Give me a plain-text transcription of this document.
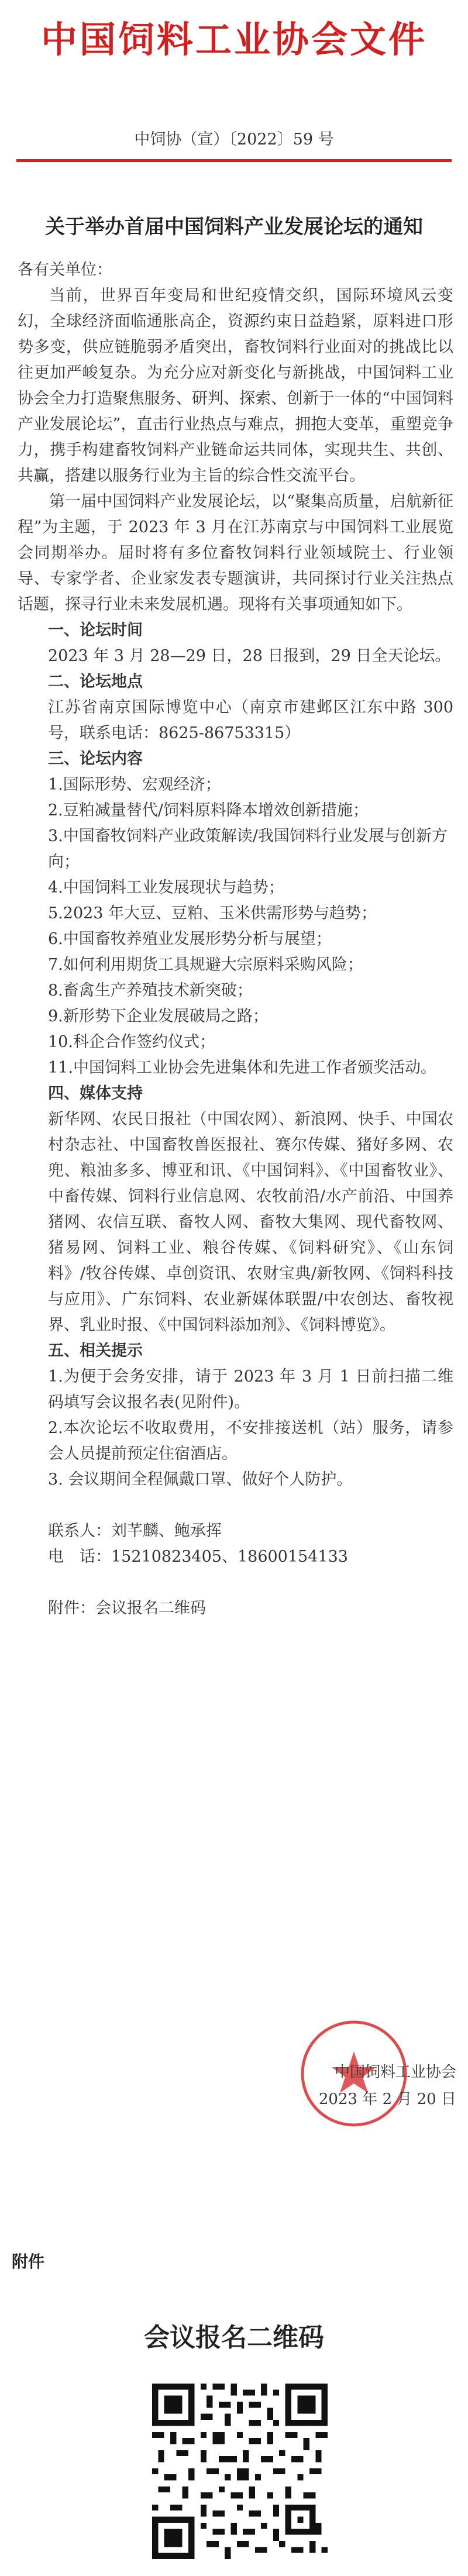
中国饲料工业协会文件
中饲协（宣）〔2022〕59 号
关于举办首届中国饲料产业发展论坛的通知

各有关单位：

当前，世界百年变局和世纪疫情交织，国际环境风云变幻，全球经济面临通胀高企，资源约束日益趋紧，原料进口形势多变，供应链脆弱矛盾突出，畜牧饲料行业面对的挑战比以往更加严峻复杂。为充分应对新变化与新挑战，中国饲料工业协会全力打造聚焦服务、研判、探索、创新于一体的“中国饲料产业发展论坛”，直击行业热点与难点，拥抱大变革，重塑竞争力，携手构建畜牧饲料产业链命运共同体，实现共生、共创、共赢，搭建以服务行业为主旨的综合性交流平台。

第一届中国饲料产业发展论坛，以“聚集高质量，启航新征程”为主题，于 2023 年 3 月在江苏南京与中国饲料工业展览会同期举办。届时将有多位畜牧饲料行业领域院士、行业领导、专家学者、企业家发表专题演讲，共同探讨行业关注热点话题，探寻行业未来发展机遇。现将有关事项通知如下。

一、论坛时间

2023 年 3 月 28—29 日，28 日报到，29 日全天论坛。

二、论坛地点

江苏省南京国际博览中心（南京市建邺区江东中路 300 号，联系电话：8625-86753315）

三、论坛内容

1.国际形势、宏观经济；

2.豆粕减量替代/饲料原料降本增效创新措施；

3.中国畜牧饲料产业政策解读/我国饲料行业发展与创新方向；

4.中国饲料工业发展现状与趋势；

5.2023 年大豆、豆粕、玉米供需形势与趋势；

6.中国畜牧养殖业发展形势分析与展望；

7.如何利用期货工具规避大宗原料采购风险；

8.畜禽生产养殖技术新突破；

9.新形势下企业发展破局之路；

10.科企合作签约仪式；

11.中国饲料工业协会先进集体和先进工作者颁奖活动。

四、媒体支持

新华网、农民日报社（中国农网）、新浪网、快手、中国农村杂志社、中国畜牧兽医报社、赛尔传媒、猪好多网、农兜、粮油多多、博亚和讯、《中国饲料》、《中国畜牧业》、中畜传媒、饲料行业信息网、农牧前沿/水产前沿、中国养猪网、农信互联、畜牧人网、畜牧大集网、现代畜牧网、猪易网、饲料工业、粮谷传媒、《饲料研究》、《山东饲料》/牧谷传媒、卓创资讯、农财宝典/新牧网、《饲料科技与应用》、广东饲料、农业新媒体联盟/中农创达、畜牧视界、乳业时报、《中国饲料添加剂》、《饲料博览》。

五、相关提示

1.为便于会务安排，请于 2023 年 3 月 1 日前扫描二维码填写会议报名表(见附件)。

2.本次论坛不收取费用，不安排接送机（站）服务，请参会人员提前预定住宿酒店。

3. 会议期间全程佩戴口罩、做好个人防护。

联系人：刘芊麟、鲍承挥

电　话：15210823405、18600154133

附件：会议报名二维码

中国饲料工业协会
2023 年 2 月 20 日
附件
会议报名二维码
